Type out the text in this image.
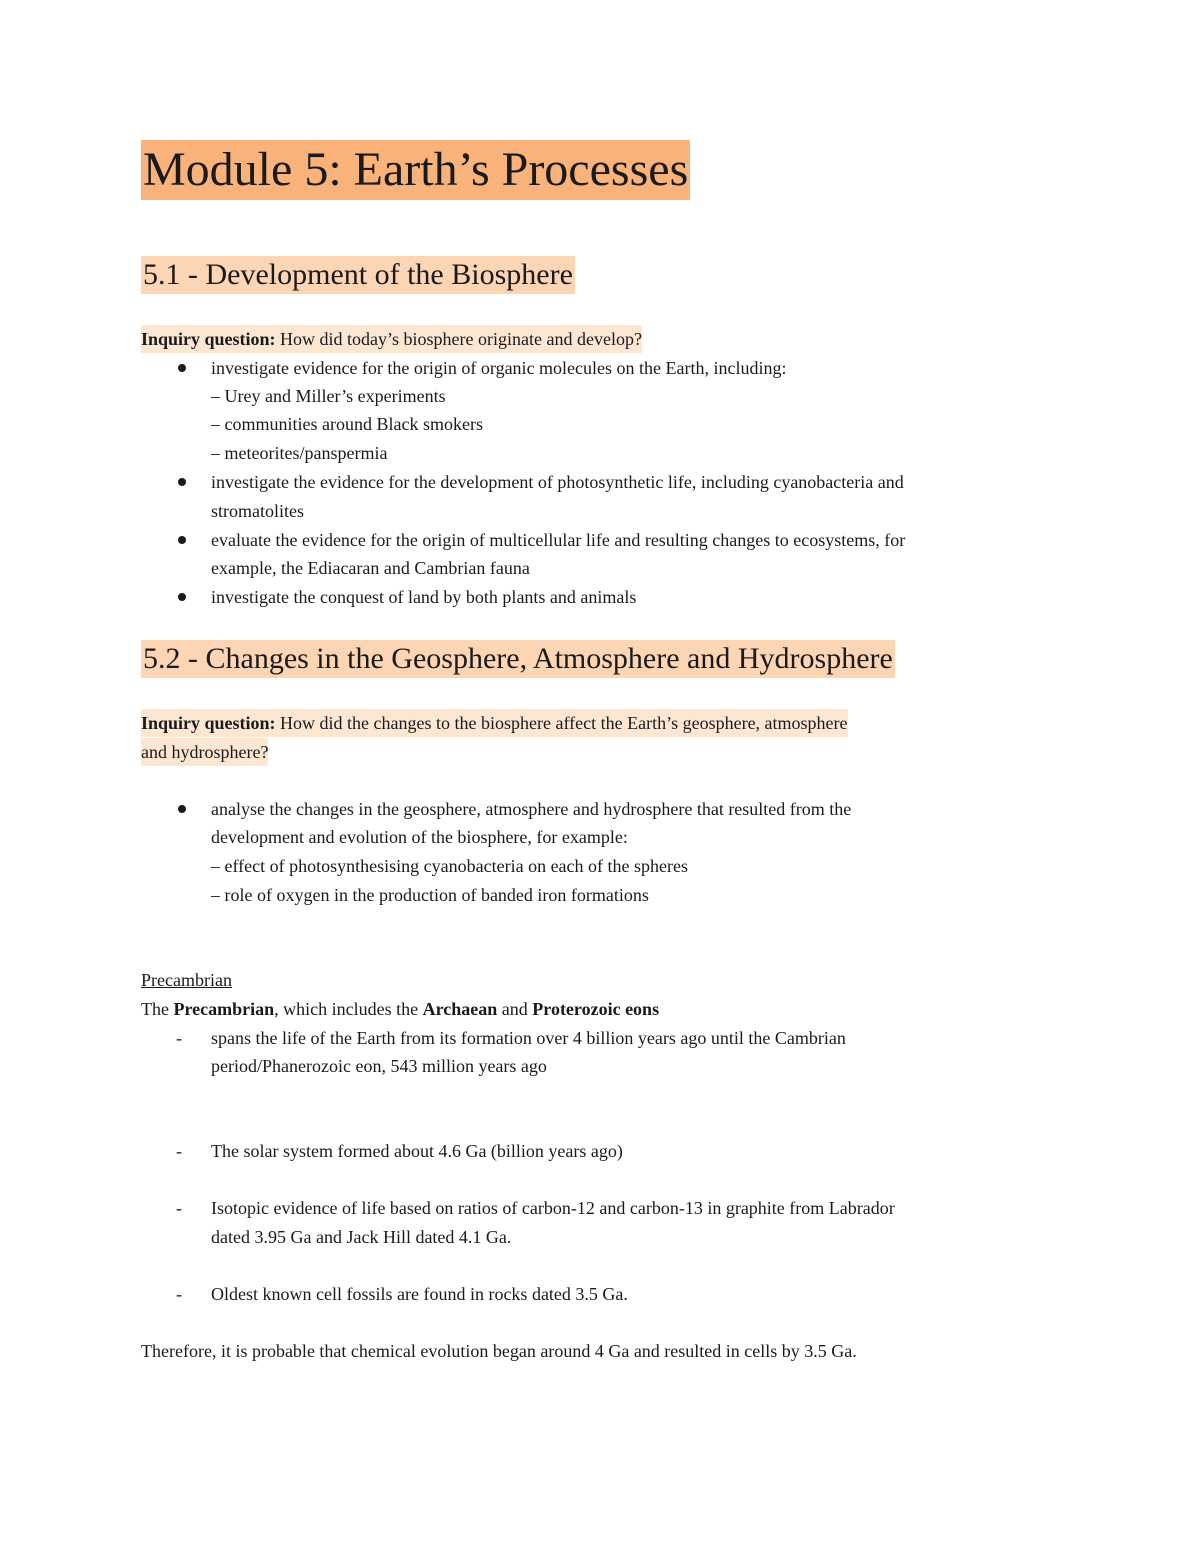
Module 5: Earth’s Processes
5.1 - Development of the Biosphere
Inquiry question: How did today’s biosphere originate and develop?
investigate evidence for the origin of organic molecules on the Earth, including:
– Urey and Miller’s experiments
– communities around Black smokers
– meteorites/panspermia
investigate the evidence for the development of photosynthetic life, including cyanobacteria and
stromatolites
evaluate the evidence for the origin of multicellular life and resulting changes to ecosystems, for
example, the Ediacaran and Cambrian fauna
investigate the conquest of land by both plants and animals
5.2 - Changes in the Geosphere, Atmosphere and Hydrosphere
Inquiry question: How did the changes to the biosphere affect the Earth’s geosphere, atmosphere
and hydrosphere?
analyse the changes in the geosphere, atmosphere and hydrosphere that resulted from the
development and evolution of the biosphere, for example:
– effect of photosynthesising cyanobacteria on each of the spheres
– role of oxygen in the production of banded iron formations
Precambrian
The Precambrian, which includes the Archaean and Proterozoic eons
- spans the life of the Earth from its formation over 4 billion years ago until the Cambrian
period/Phanerozoic eon, 543 million years ago
- The solar system formed about 4.6 Ga (billion years ago)
- Isotopic evidence of life based on ratios of carbon-12 and carbon-13 in graphite from Labrador
dated 3.95 Ga and Jack Hill dated 4.1 Ga.
- Oldest known cell fossils are found in rocks dated 3.5 Ga.
Therefore, it is probable that chemical evolution began around 4 Ga and resulted in cells by 3.5 Ga.
